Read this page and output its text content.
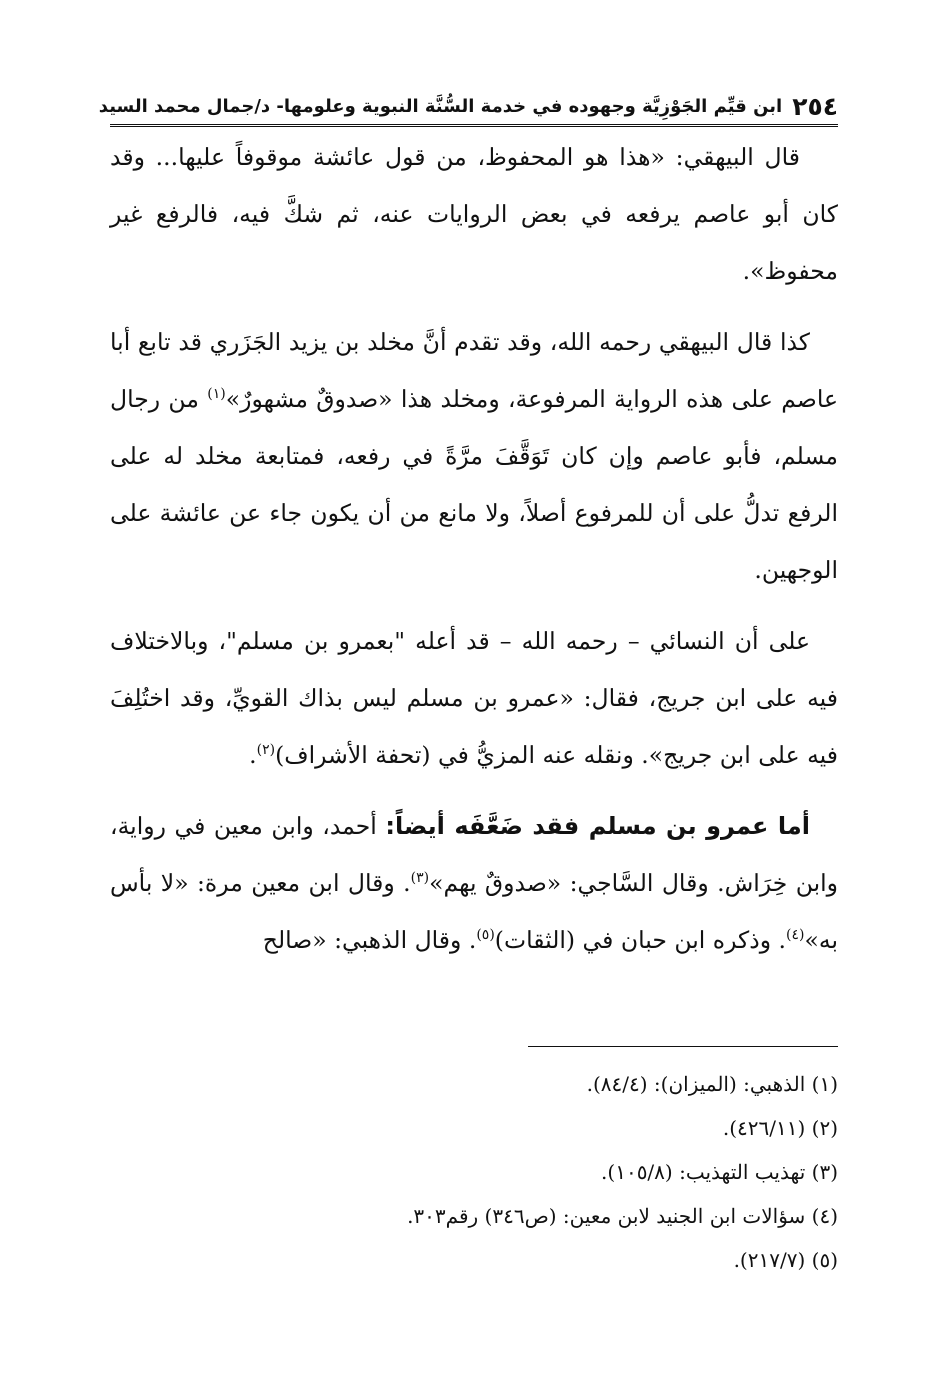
٢٥٤
ابن قيِّم الجَوْزِيَّة وجهوده في خدمة السُّنَّة النبوية وعلومها- د/جمال محمد السيد

قال البيهقي: «هذا هو المحفوظ، من قول عائشة موقوفاً عليها... وقد كان أبو عاصم يرفعه في بعض الروايات عنه، ثم شكَّ فيه، فالرفع غير محفوظ».

كذا قال البيهقي رحمه الله، وقد تقدم أنَّ مخلد بن يزيد الجَزَري قد تابع أبا عاصم على هذه الرواية المرفوعة، ومخلد هذا «صدوقٌ مشهورٌ»$^{(١)}$ من رجال مسلم، فأبو عاصم وإن كان تَوَقَّفَ مرَّةً في رفعه، فمتابعة مخلد له على الرفع تدلُّ على أن للمرفوع أصلاً، ولا مانع من أن يكون جاء عن عائشة على الوجهين.

على أن النسائي – رحمه الله – قد أعله "بعمرو بن مسلم"، وبالاختلاف فيه على ابن جريج، فقال: «عمرو بن مسلم ليس بذاك القويِّ، وقد اختُلِفَ فيه على ابن جريج». ونقله عنه المزيُّ في (تحفة الأشراف)$^{(٢)}$.

أما عمرو بن مسلم فقد ضَعَّفَه أيضاً: أحمد، وابن معين في رواية، وابن خِرَاش. وقال السَّاجي: «صدوقٌ يهم»$^{(٣)}$. وقال ابن معين مرة: «لا بأس به»$^{(٤)}$. وذكره ابن حبان في (الثقات)$^{(٥)}$. وقال الذهبي: «صالح

(١) الذهبي: (الميزان): (٨٤/٤).
(٢) (٤٢٦/١١).
(٣) تهذيب التهذيب: (١٠٥/٨).
(٤) سؤالات ابن الجنيد لابن معين: (ص٣٤٦) رقم٣٠٣.
(٥) (٢١٧/٧).
